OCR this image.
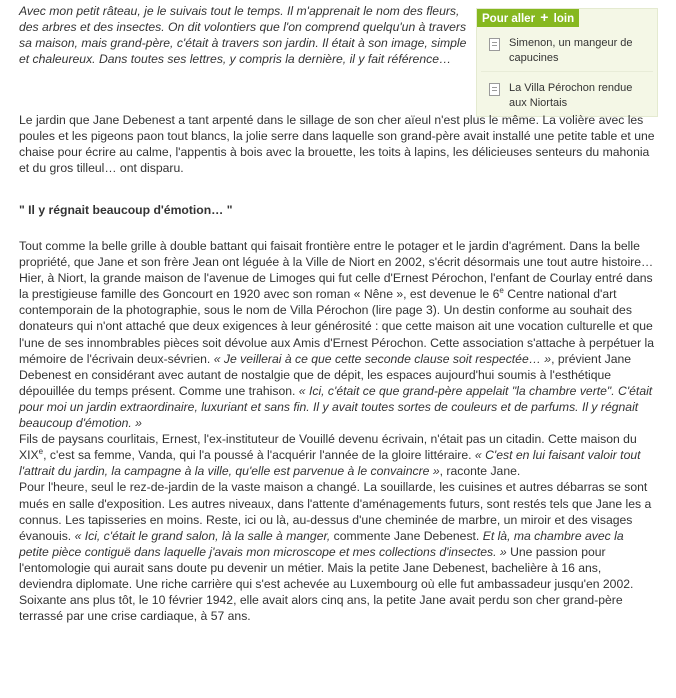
Avec mon petit râteau, je le suivais tout le temps. Il m'apprenait le nom des fleurs, des arbres et des insectes. On dit volontiers que l'on comprend quelqu'un à travers sa maison, mais grand-père, c'était à travers son jardin. Il était à son image, simple et chaleureux. Dans toutes ses lettres, y compris la dernière, il y fait référence…

Pour aller + loin
Simenon, un mangeur de capucines
La Villa Pérochon rendue aux Niortais

Le jardin que Jane Debenest a tant arpenté dans le sillage de son cher aïeul n'est plus le même. La volière avec les poules et les pigeons paon tout blancs, la jolie serre dans laquelle son grand-père avait installé une petite table et une chaise pour écrire au calme, l'appentis à bois avec la brouette, les toits à lapins, les délicieuses senteurs du mahonia et du gros tilleul… ont disparu.

" Il y régnait beaucoup d'émotion… "

Tout comme la belle grille à double battant qui faisait frontière entre le potager et le jardin d'agrément. Dans la belle propriété, que Jane et son frère Jean ont léguée à la Ville de Niort en 2002, s'écrit désormais une tout autre histoire…

Hier, à Niort, la grande maison de l'avenue de Limoges qui fut celle d'Ernest Pérochon, l'enfant de Courlay entré dans la prestigieuse famille des Goncourt en 1920 avec son roman « Nêne », est devenue le 6e Centre national d'art contemporain de la photographie, sous le nom de Villa Pérochon (lire page 3). Un destin conforme au souhait des donateurs qui n'ont attaché que deux exigences à leur générosité : que cette maison ait une vocation culturelle et que l'une de ses innombrables pièces soit dévolue aux Amis d'Ernest Pérochon. Cette association s'attache à perpétuer la mémoire de l'écrivain deux-sévrien. « Je veillerai à ce que cette seconde clause soit respectée… », prévient Jane Debenest en considérant avec autant de nostalgie que de dépit, les espaces aujourd'hui soumis à l'esthétique dépouillée du temps présent. Comme une trahison. « Ici, c'était ce que grand-père appelait "la chambre verte". C'était pour moi un jardin extraordinaire, luxuriant et sans fin. Il y avait toutes sortes de couleurs et de parfums. Il y régnait beaucoup d'émotion. »

Fils de paysans courlitais, Ernest, l'ex-instituteur de Vouillé devenu écrivain, n'était pas un citadin. Cette maison du XIXe, c'est sa femme, Vanda, qui l'a poussé à l'acquérir l'année de la gloire littéraire. « C'est en lui faisant valoir tout l'attrait du jardin, la campagne à la ville, qu'elle est parvenue à le convaincre », raconte Jane.

Pour l'heure, seul le rez-de-jardin de la vaste maison a changé. La souillarde, les cuisines et autres débarras se sont mués en salle d'exposition. Les autres niveaux, dans l'attente d'aménagements futurs, sont restés tels que Jane les a connus. Les tapisseries en moins. Reste, ici ou là, au-dessus d'une cheminée de marbre, un miroir et des visages évanouis. « Ici, c'était le grand salon, là la salle à manger, commente Jane Debenest. Et là, ma chambre avec la petite pièce contiguë dans laquelle j'avais mon microscope et mes collections d'insectes. » Une passion pour l'entomologie qui aurait sans doute pu devenir un métier. Mais la petite Jane Debenest, bachelière à 16 ans, deviendra diplomate. Une riche carrière qui s'est achevée au Luxembourg où elle fut ambassadeur jusqu'en 2002. Soixante ans plus tôt, le 10 février 1942, elle avait alors cinq ans, la petite Jane avait perdu son cher grand-père terrassé par une crise cardiaque, à 57 ans.
